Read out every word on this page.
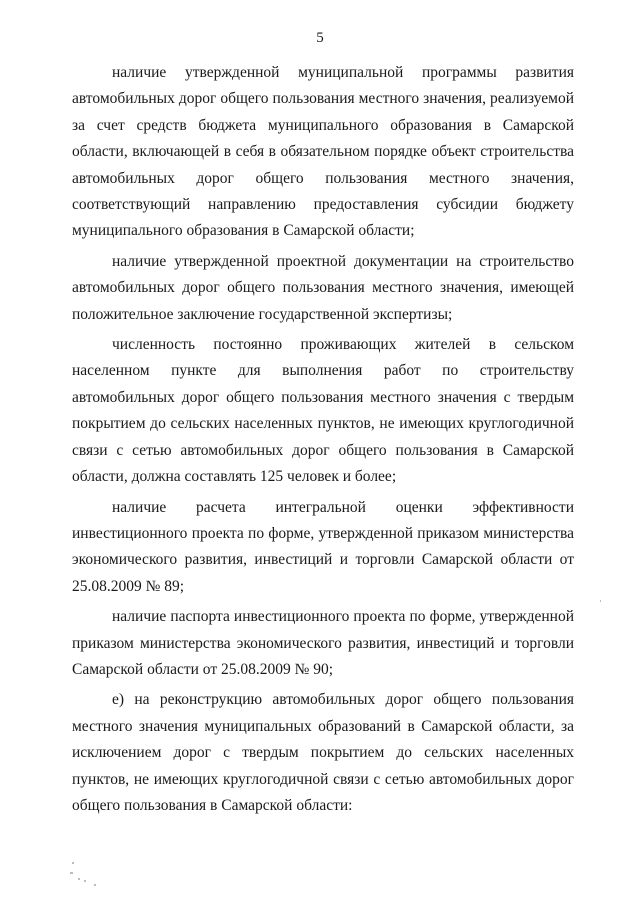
5

наличие утвержденной муниципальной программы развития автомобильных дорог общего пользования местного значения, реализуемой за счет средств бюджета муниципального образования в Самарской области, включающей в себя в обязательном порядке объект строительства автомобильных дорог общего пользования местного значения, соответствующий направлению предоставления субсидии бюджету муниципального образования в Самарской области;

наличие утвержденной проектной документации на строительство автомобильных дорог общего пользования местного значения, имеющей положительное заключение государственной экспертизы;

численность постоянно проживающих жителей в сельском населенном пункте для выполнения работ по строительству автомобильных дорог общего пользования местного значения с твердым покрытием до сельских населенных пунктов, не имеющих круглогодичной связи с сетью автомобильных дорог общего пользования в Самарской области, должна составлять 125 человек и более;

наличие расчета интегральной оценки эффективности инвестиционного проекта по форме, утвержденной приказом министерства экономического развития, инвестиций и торговли Самарской области от 25.08.2009 № 89;

наличие паспорта инвестиционного проекта по форме, утвержденной приказом министерства экономического развития, инвестиций и торговли Самарской области от 25.08.2009 № 90;

е) на реконструкцию автомобильных дорог общего пользования местного значения муниципальных образований в Самарской области, за исключением дорог с твердым покрытием до сельских населенных пунктов, не имеющих круглогодичной связи с сетью автомобильных дорог общего пользования в Самарской области:
